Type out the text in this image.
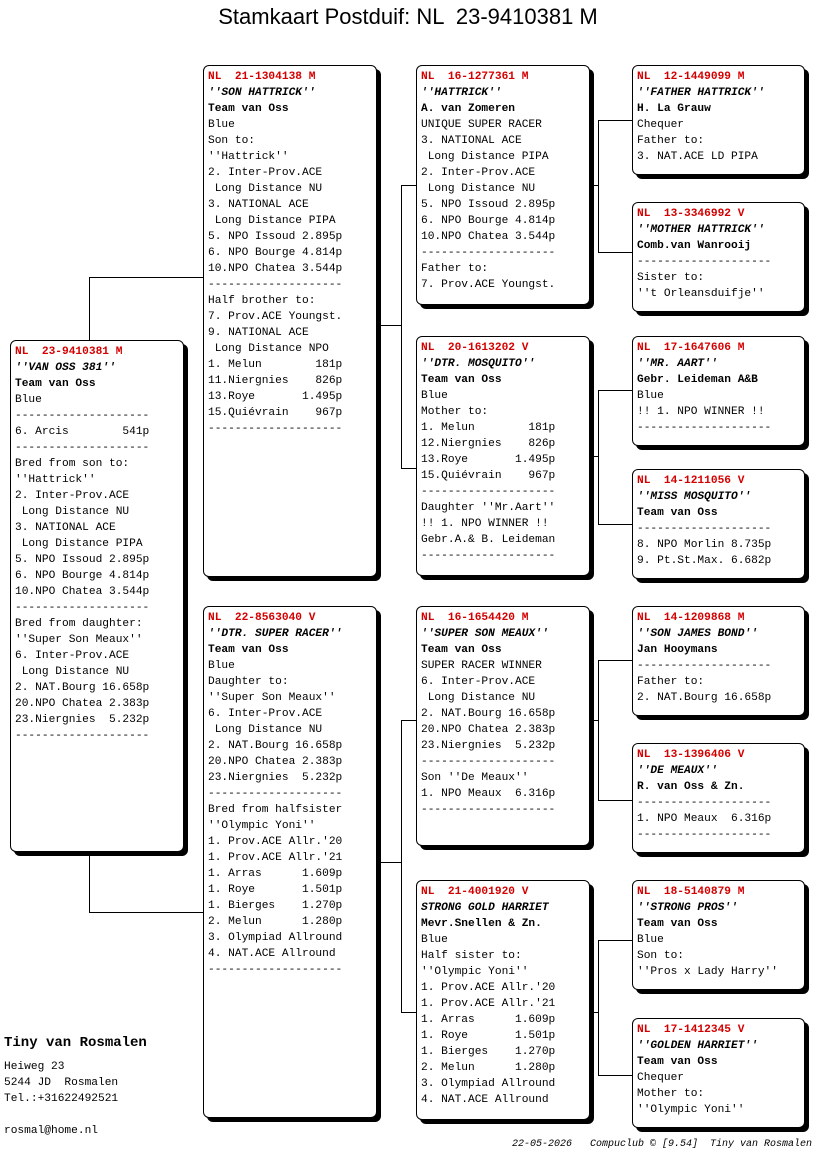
Stamkaart Postduif: NL  23-9410381 M
NL  23-9410381 M
''VAN OSS 381''
Team van Oss
Blue
--------------------
6. Arcis        541p
--------------------
Bred from son to:
''Hattrick''
2. Inter-Prov.ACE
Long Distance NU
3. NATIONAL ACE
Long Distance PIPA
5. NPO Issoud 2.895p
6. NPO Bourge 4.814p
10.NPO Chatea 3.544p
--------------------
Bred from daughter:
''Super Son Meaux''
6. Inter-Prov.ACE
Long Distance NU
2. NAT.Bourg 16.658p
20.NPO Chatea 2.383p
23.Niergnies  5.232p
--------------------
NL  21-1304138 M
''SON HATTRICK''
Team van Oss
Blue
Son to:
''Hattrick''
2. Inter-Prov.ACE
Long Distance NU
3. NATIONAL ACE
Long Distance PIPA
5. NPO Issoud 2.895p
6. NPO Bourge 4.814p
10.NPO Chatea 3.544p
--------------------
Half brother to:
7. Prov.ACE Youngst.
9. NATIONAL ACE
Long Distance NPO
1. Melun        181p
11.Niergnies    826p
13.Roye       1.495p
15.Quiévrain    967p
--------------------
NL  22-8563040 V
''DTR. SUPER RACER''
Team van Oss
Blue
Daughter to:
''Super Son Meaux''
6. Inter-Prov.ACE
Long Distance NU
2. NAT.Bourg 16.658p
20.NPO Chatea 2.383p
23.Niergnies  5.232p
--------------------
Bred from halfsister
''Olympic Yoni''
1. Prov.ACE Allr.'20
1. Prov.ACE Allr.'21
1. Arras      1.609p
1. Roye       1.501p
1. Bierges    1.270p
2. Melun      1.280p
3. Olympiad Allround
4. NAT.ACE Allround
--------------------
NL  16-1277361 M
''HATTRICK''
A. van Zomeren
UNIQUE SUPER RACER
3. NATIONAL ACE
Long Distance PIPA
2. Inter-Prov.ACE
Long Distance NU
5. NPO Issoud 2.895p
6. NPO Bourge 4.814p
10.NPO Chatea 3.544p
--------------------
Father to:
7. Prov.ACE Youngst.
NL  20-1613202 V
''DTR. MOSQUITO''
Team van Oss
Blue
Mother to:
1. Melun        181p
12.Niergnies    826p
13.Roye       1.495p
15.Quiévrain    967p
--------------------
Daughter ''Mr.Aart''
!! 1. NPO WINNER !!
Gebr.A.& B. Leideman
--------------------
NL  16-1654420 M
''SUPER SON MEAUX''
Team van Oss
SUPER RACER WINNER
6. Inter-Prov.ACE
Long Distance NU
2. NAT.Bourg 16.658p
20.NPO Chatea 2.383p
23.Niergnies  5.232p
--------------------
Son ''De Meaux''
1. NPO Meaux  6.316p
--------------------
NL  21-4001920 V
STRONG GOLD HARRIET
Mevr.Snellen & Zn.
Blue
Half sister to:
''Olympic Yoni''
1. Prov.ACE Allr.'20
1. Prov.ACE Allr.'21
1. Arras      1.609p
1. Roye       1.501p
1. Bierges    1.270p
2. Melun      1.280p
3. Olympiad Allround
4. NAT.ACE Allround
NL  12-1449099 M
''FATHER HATTRICK''
H. La Grauw
Chequer
Father to:
3. NAT.ACE LD PIPA
NL  13-3346992 V
''MOTHER HATTRICK''
Comb.van Wanrooij
--------------------
Sister to:
''t Orleansduifje''
NL  17-1647606 M
''MR. AART''
Gebr. Leideman A&B
Blue
!! 1. NPO WINNER !!
--------------------
NL  14-1211056 V
''MISS MOSQUITO''
Team van Oss
--------------------
8. NPO Morlin 8.735p
9. Pt.St.Max. 6.682p
NL  14-1209868 M
''SON JAMES BOND''
Jan Hooymans
--------------------
Father to:
2. NAT.Bourg 16.658p
NL  13-1396406 V
''DE MEAUX''
R. van Oss & Zn.
--------------------
1. NPO Meaux  6.316p
--------------------
NL  18-5140879 M
''STRONG PROS''
Team van Oss
Blue
Son to:
''Pros x Lady Harry''
NL  17-1412345 V
''GOLDEN HARRIET''
Team van Oss
Chequer
Mother to:
''Olympic Yoni''
Tiny van Rosmalen
Heiweg 23
5244 JD  Rosmalen
Tel.:+31622492521
rosmal@home.nl
22-05-2026   Compuclub © [9.54]  Tiny van Rosmalen
